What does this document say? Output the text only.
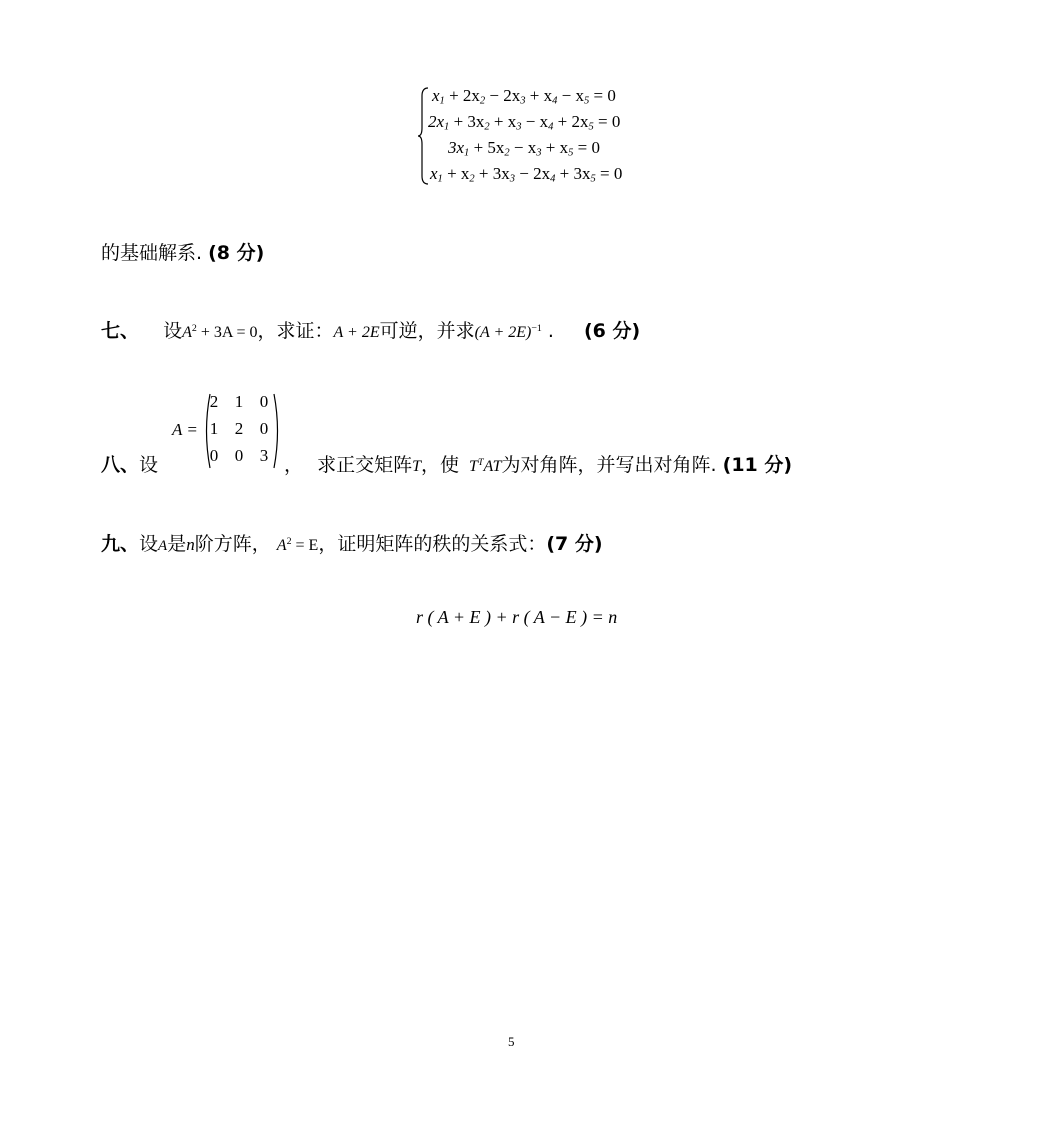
$x_1 + 2x_2 - 2x_3 + x_4 - x_5 = 0$
$2x_1 + 3x_2 + x_3 - x_4 + 2x_5 = 0$
$3x_1 + 5x_2 - x_3 + x_5 = 0$
$x_1 + x_2 + 3x_3 - 2x_4 + 3x_5 = 0$
的基础解系. (8 分)
七、 设$A^2 + 3A = 0$，求证：A + 2E可逆，并求$(A + 2E)^{-1}$ . (6 分)
八、设
A =
2 1 0
1 2 0
0 0 3 ， 求正交矩阵T，使 $T^TAT$为对角阵，并写出对角阵. (11 分)
九、设A是n阶方阵， $A^2 = E$，证明矩阵的秩的关系式：(7 分)
r ( A + E ) + r ( A − E ) = n
5
